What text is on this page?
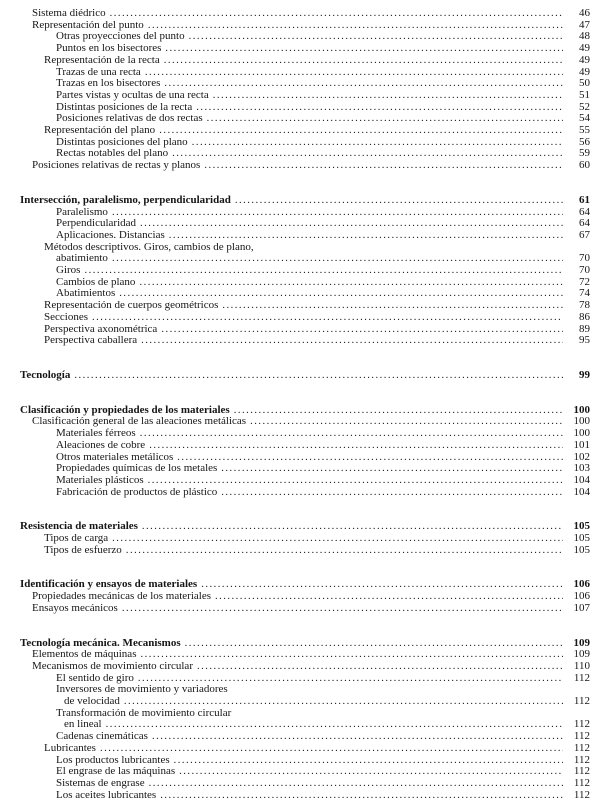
Sistema diédrico .....	46
Representación del punto .....	47
Otras proyecciones del punto .....	48
Puntos en los bisectores .....	49
Representación de la recta .....	49
Trazas de una recta .....	49
Trazas en los bisectores .....	50
Partes vistas y ocultas de una recta .....	51
Distintas posiciones de la recta .....	52
Posiciones relativas de dos rectas .....	54
Representación del plano .....	55
Distintas posiciones del plano .....	56
Rectas notables del plano .....	59
Posiciones relativas de rectas y planos .....	60
Intersección, paralelismo, perpendicularidad .....	61
Paralelismo .....	64
Perpendicularidad .....	64
Aplicaciones. Distancias .....	67
Métodos descriptivos. Giros, cambios de plano,
abatimiento .....	70
Giros .....	70
Cambios de plano .....	72
Abatimientos .....	74
Representación de cuerpos geométricos .....	78
Secciones .....	86
Perspectiva axonométrica .....	89
Perspectiva caballera .....	95
Tecnología .....	99
Clasificación y propiedades de los materiales .....	100
Clasificación general de las aleaciones metálicas .....	100
Materiales férreos .....	100
Aleaciones de cobre .....	101
Otros materiales metálicos .....	102
Propiedades químicas de los metales .....	103
Materiales plásticos .....	104
Fabricación de productos de plástico .....	104
Resistencia de materiales .....	105
Tipos de carga .....	105
Tipos de esfuerzo .....	105
Identificación y ensayos de materiales .....	106
Propiedades mecánicas de los materiales .....	106
Ensayos mecánicos .....	107
Tecnología mecánica. Mecanismos .....	109
Elementos de máquinas .....	109
Mecanismos de movimiento circular .....	110
El sentido de giro .....	112
Inversores de movimiento y variadores
de velocidad .....	112
Transformación de movimiento circular
en lineal .....	112
Cadenas cinemáticas .....	112
Lubricantes .....	112
Los productos lubricantes .....	112
El engrase de las máquinas .....	112
Sistemas de engrase .....	112
Los aceites lubricantes .....	112
